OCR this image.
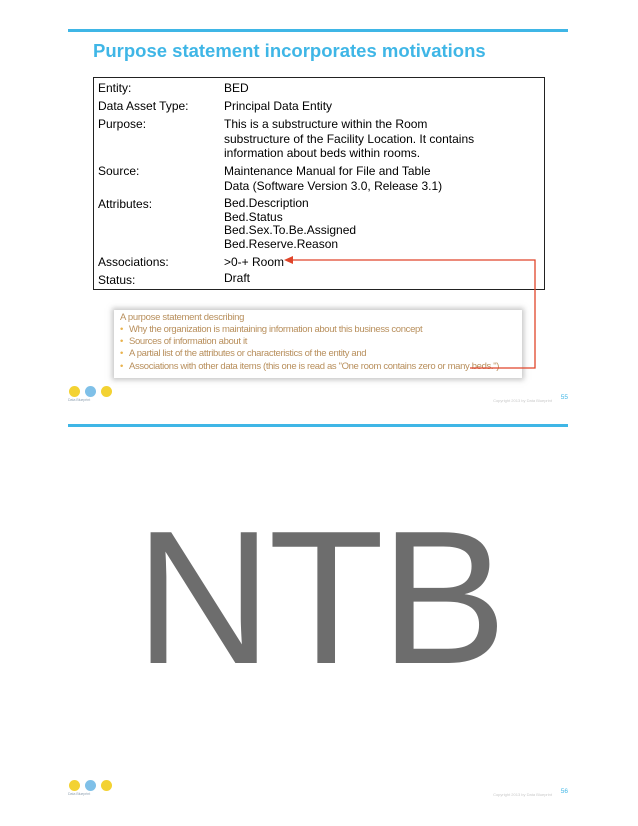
Purpose statement incorporates motivations
Entity:	BED
Data Asset Type:	Principal Data Entity
Purpose:	This is a substructure within the Room
substructure of the Facility Location. It contains
information about beds within rooms.
Source:	Maintenance Manual for File and Table
Data (Software Version 3.0, Release 3.1)
Attributes:	Bed.Description
Bed.Status
Bed.Sex.To.Be.Assigned
Bed.Reserve.Reason
Associations:	>0-+ Room
Status:	Draft
A purpose statement describing
• Why the organization is maintaining information about this business concept
• Sources of information about it
• A partial list of the attributes or characteristics of the entity and
• Associations with other data items (this one is read as "One room contains zero or many beds.")
Data Blueprint	Copyright 2013 by Data Blueprint 55
NTB
Data Blueprint	Copyright 2013 by Data Blueprint 56
